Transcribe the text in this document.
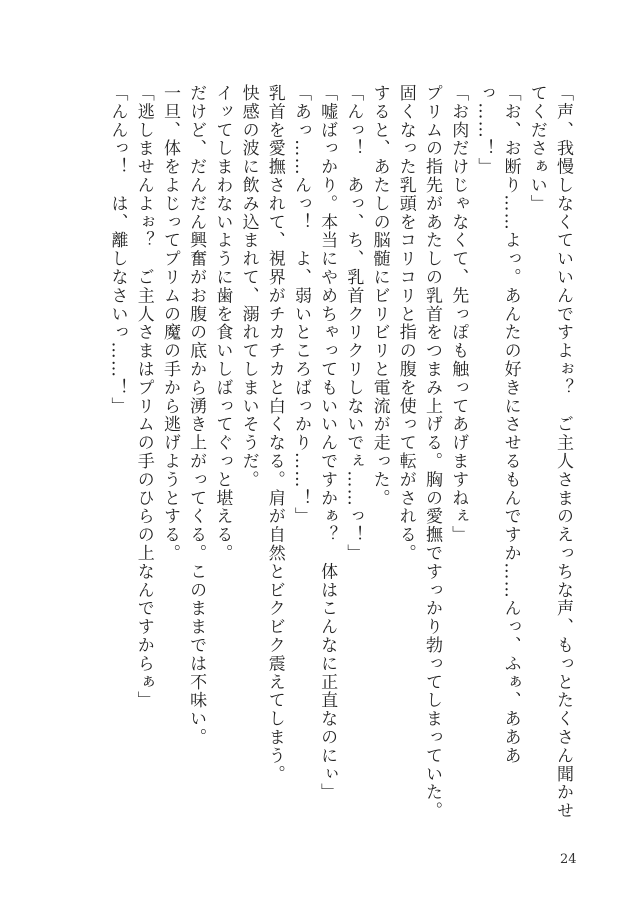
「声、我慢しなくていいんですよぉ？　ご主人さまのえっちな声、もっとたくさん聞かせてくださぁい」

「お、お断り……よっ。あんたの好きにさせるもんですか……んっ、ふぁ、あああっ……！」

「お肉だけじゃなくて、先っぽも触ってあげますねぇ」

プリムの指先があたしの乳首をつまみ上げる。胸の愛撫ですっかり勃ってしまっていた。

固くなった乳頭をコリコリと指の腹を使って転がされる。

すると、あたしの脳髄にビリビリと電流が走った。

「んっ！　あっ、ち、乳首クリクリしないでぇ……っ！」

「嘘ばっかり。本当にやめちゃってもいいんですかぁ？　体はこんなに正直なのにぃ」

「あっ……んっ！　よ、弱いところばっかり……！」

乳首を愛撫されて、視界がチカチカと白くなる。肩が自然とビクビク震えてしまう。

快感の波に飲み込まれて、溺れてしまいそうだ。

イッてしまわないように歯を食いしばってぐっと堪える。

だけど、だんだん興奮がお腹の底から湧き上がってくる。このままでは不味い。

一旦、体をよじってプリムの魔の手から逃げようとする。

「逃しませんよぉ？　ご主人さまはプリムの手のひらの上なんですからぁ」

「んんっ！　は、離しなさいっ……！」

24
